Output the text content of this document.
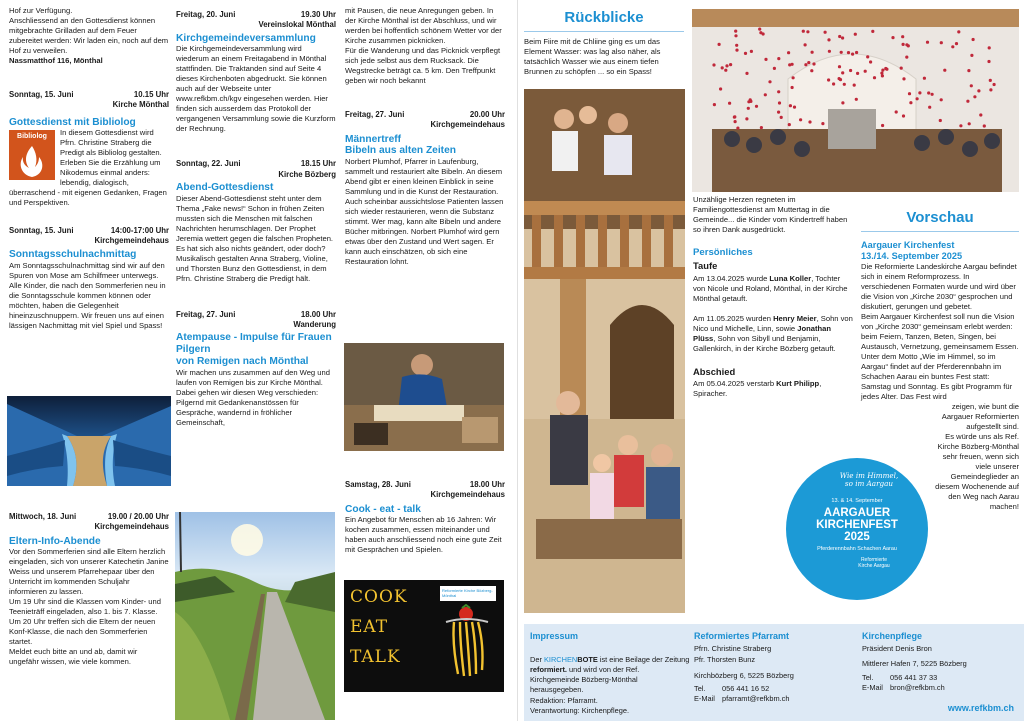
Hof zur Verfügung.
Anschliessend an den Gottesdienst können mitgebrachte Grilladen auf dem Feuer zubereitet werden: Wir laden ein, noch auf dem Hof zu verweilen.
Nassmatthof 116, Mönthal
Sonntag, 15. Juni	10.15 Uhr
Kirche Mönthal
Gottesdienst mit Bibliolog
Bibliolog	In diesem Gottesdienst wird Pfrn. Christine Straberg die Predigt als Bibliolog gestalten. Erleben Sie die Erzählung um Nikodemus einmal anders: lebendig, dialogisch, überraschend - mit eigenen Gedanken, Fragen und Perspektiven.
Sonntag, 15. Juni	14:00-17:00 Uhr
Kirchgemeindehaus
Sonntagsschulnachmittag
Am Sonntagsschulnachmittag sind wir auf den Spuren von Mose am Schilfmeer unterwegs. Alle Kinder, die nach den Sommerferien neu in die Sonntagsschule kommen können oder möchten, haben die Gelegenheit hineinzuschnuppern. Wir freuen uns auf einen lässigen Nachmittag mit viel Spiel und Spass!
Mittwoch, 18. Juni	19.00 / 20.00 Uhr
Kirchgemeindehaus
Eltern-Info-Abende
Vor den Sommerferien sind alle Eltern herzlich eingeladen, sich von unserer Katechetin Janine Weiss und unserem Pfarrehepaar über den Unterricht im kommenden Schuljahr informieren zu lassen.
Um 19 Uhr sind die Klassen vom Kinder- und Teenieträff eingeladen, also 1. bis 7. Klasse.
Um 20 Uhr treffen sich die Eltern der neuen Konf-Klasse, die nach den Sommerferien startet.
Meldet euch bitte an und ab, damit wir ungefähr wissen, wie viele kommen.
Freitag, 20. Juni	19.30 Uhr
Vereinslokal Mönthal
Kirchgemeindeversammlung
Die Kirchgemeindeversammlung wird wiederum an einem Freitagabend in Mönthal stattfinden. Die Traktanden sind auf Seite 4 dieses Kirchenboten abgedruckt. Sie können auch auf der Webseite unter www.refkbm.ch/kgv eingesehen werden. Hier finden sich ausserdem das Protokoll der vergangenen Versammlung sowie die Kurzform der Rechnung.
Sonntag, 22. Juni	18.15 Uhr
Kirche Bözberg
Abend-Gottesdienst
Dieser Abend-Gottesdienst steht unter dem Thema „Fake news!“ Schon in frühen Zeiten mussten sich die Menschen mit falschen Nachrichten herumschlagen. Der Prophet Jeremia wettert gegen die falschen Propheten. Es hat sich also nichts geändert, oder doch?
Musikalisch gestalten Anna Straberg, Violine, und Thorsten Bunz den Gottesdienst, in dem Pfrn. Christine Straberg die Predigt hält.
Freitag, 27. Juni	18.00 Uhr
Wanderung
Atempause - Impulse für Frauen
Pilgern
von Remigen nach Mönthal
Wir machen uns zusammen auf den Weg und laufen von Remigen bis zur Kirche Mönthal. Dabei gehen wir diesen Weg verschieden: Pilgernd mit Gedankenanstössen für Gespräche, wandernd in fröhlicher Gemeinschaft,
mit Pausen, die neue Anregungen geben. In der Kirche Mönthal ist der Abschluss, und wir werden bei hoffentlich schönem Wetter vor der Kirche zusammen picknicken.
Für die Wanderung und das Picknick verpflegt sich jede selbst aus dem Rucksack. Die Wegstrecke beträgt ca. 5 km. Den Treffpunkt geben wir noch bekannt
Freitag, 27. Juni	20.00 Uhr
Kirchgemeindehaus
Männertreff
Bibeln aus alten Zeiten
Norbert Plumhof, Pfarrer in Laufenburg, sammelt und restauriert alte Bibeln. An diesem Abend gibt er einen kleinen Einblick in seine Sammlung und in die Kunst der Restauration. Auch scheinbar aussichtslose Patienten lassen sich wieder restaurieren, wenn die Substanz stimmt. Wer mag, kann alte Bibeln und andere Bücher mitbringen. Norbert Plumhof wird gern etwas über den Zustand und Wert sagen. Er kann auch einschätzen, ob sich eine Restauration lohnt.
Samstag, 28. Juni	18.00 Uhr
Kirchgemeindehaus
Cook - eat - talk
Ein Angebot für Menschen ab 16 Jahren: Wir kochen zusammen, essen miteinander und haben auch anschliessend noch eine gute Zeit mit Gesprächen und Spielen.
COOK
EAT
TALK
Reformierte Kirche Bözberg-Mönthal
Rückblicke
Beim Fiire mit de Chliine ging es um das Element Wasser: was lag also näher, als tatsächlich Wasser wie aus einem tiefen Brunnen zu schöpfen ... so ein Spass!
Unzählige Herzen regneten im Familiengottesdienst am Muttertag in die Gemeinde... die Kinder vom Kindertreff haben so ihren Dank ausgedrückt.
Persönliches
Taufe
Am 13.04.2025 wurde Luna Koller, Tochter von Nicole und Roland, Mönthal, in der Kirche Mönthal getauft.
Am 11.05.2025 wurden Henry Meier, Sohn von Nico und Michelle, Linn, sowie Jonathan Plüss, Sohn von Sibyll und Benjamin, Gallenkirch, in der Kirche Bözberg getauft.
Abschied
Am 05.04.2025 verstarb Kurt Philipp, Spiracher.
Vorschau
Aargauer Kirchenfest
13./14. September 2025
Die Reformierte Landeskirche Aargau befindet sich in einem Reformprozess. In verschiedenen Formaten wurde und wird über die Vision von „Kirche 2030“ gesprochen und diskutiert, gerungen und gebetet.
Beim Aargauer Kirchenfest soll nun die Vision von „Kirche 2030“ gemeinsam erlebt werden: beim Feiern, Tanzen, Beten, Singen, bei Austausch, Vernetzung, gemeinsamem Essen.
Unter dem Motto „Wie im Himmel, so im Aargau“ findet auf der Pferderennbahn im Schachen Aarau ein buntes Fest statt: Samstag und Sonntag. Es gibt Programm für jedes Alter. Das Fest wird
zeigen, wie bunt die Aargauer Reformierten aufgestellt sind.
Es würde uns als Ref. Kirche Bözberg-Mönthal sehr freuen, wenn sich viele unserer Gemeindeglieder an diesem Wochenende auf den Weg nach Aarau machen!
Wie im Himmel,
so im Aargau
13. & 14. September
AARGAUER
KIRCHENFEST
2025
Pferderennbahn Schachen Aarau
Reformierte
Kirche Aargau
Impressum

Der KIRCHENBOTE ist eine Beilage der Zeitung reformiert. und wird von der Ref. Kirchgemeinde Bözberg-Mönthal herausgegeben.
Redaktion: Pfarramt.
Verantwortung: Kirchenpflege.

Reformiertes Pfarramt
Pfrn. Christine Straberg
Pfr. Thorsten Bunz
Kirchbözberg 6, 5225 Bözberg
Tel.	056 441 16 52
E-Mail pfarramt@refkbm.ch
Kirchenpflege
Präsident Denis Bron
Mittlerer Hafen 7, 5225 Bözberg
Tel.	056 441 37 33
E-Mail bron@refkbm.ch
www.refkbm.ch
